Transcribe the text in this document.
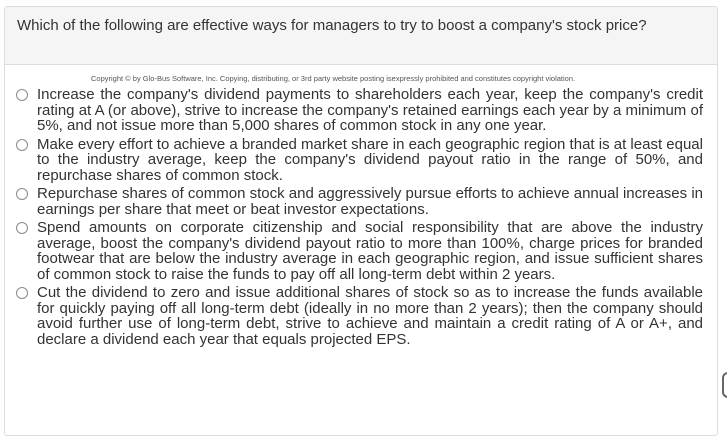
Which of the following are effective ways for managers to try to boost a company's stock price?
Copyright © by Glo-Bus Software, Inc. Copying, distributing, or 3rd party website posting isexpressly prohibited and constitutes copyright violation.
Increase the company's dividend payments to shareholders each year, keep the company's credit rating at A (or above), strive to increase the company's retained earnings each year by a minimum of 5%, and not issue more than 5,000 shares of common stock in any one year.
Make every effort to achieve a branded market share in each geographic region that is at least equal to the industry average, keep the company's dividend payout ratio in the range of 50%, and repurchase shares of common stock.
Repurchase shares of common stock and aggressively pursue efforts to achieve annual increases in earnings per share that meet or beat investor expectations.
Spend amounts on corporate citizenship and social responsibility that are above the industry average, boost the company's dividend payout ratio to more than 100%, charge prices for branded footwear that are below the industry average in each geographic region, and issue sufficient shares of common stock to raise the funds to pay off all long-term debt within 2 years.
Cut the dividend to zero and issue additional shares of stock so as to increase the funds available for quickly paying off all long-term debt (ideally in no more than 2 years); then the company should avoid further use of long-term debt, strive to achieve and maintain a credit rating of A or A+, and declare a dividend each year that equals projected EPS.
